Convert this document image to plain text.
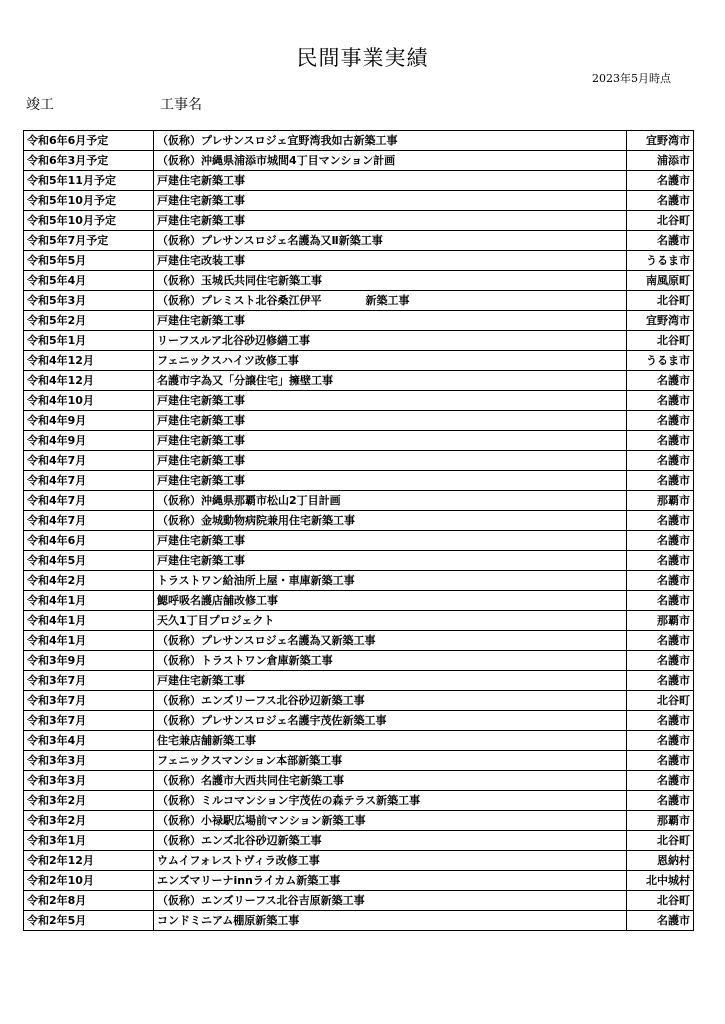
民間事業実績
2023年5月時点
竣工	工事名
令和6年6月予定	（仮称）プレサンスロジェ宜野湾我如古新築工事	宜野湾市
令和6年3月予定	（仮称）沖縄県浦添市城間4丁目マンション計画	浦添市
令和5年11月予定	戸建住宅新築工事	名護市
令和5年10月予定	戸建住宅新築工事	名護市
令和5年10月予定	戸建住宅新築工事	北谷町
令和5年7月予定	（仮称）プレサンスロジェ名護為又Ⅱ新築工事	名護市
令和5年5月	戸建住宅改装工事	うるま市
令和5年4月	（仮称）玉城氏共同住宅新築工事	南風原町
令和5年3月	（仮称）プレミスト北谷桑江伊平　　　　新築工事	北谷町
令和5年2月	戸建住宅新築工事	宜野湾市
令和5年1月	リーフスルア北谷砂辺修繕工事	北谷町
令和4年12月	フェニックスハイツ改修工事	うるま市
令和4年12月	名護市字為又「分譲住宅」擁壁工事	名護市
令和4年10月	戸建住宅新築工事	名護市
令和4年9月	戸建住宅新築工事	名護市
令和4年9月	戸建住宅新築工事	名護市
令和4年7月	戸建住宅新築工事	名護市
令和4年7月	戸建住宅新築工事	名護市
令和4年7月	（仮称）沖縄県那覇市松山2丁目計画	那覇市
令和4年7月	（仮称）金城動物病院兼用住宅新築工事	名護市
令和4年6月	戸建住宅新築工事	名護市
令和4年5月	戸建住宅新築工事	名護市
令和4年2月	トラストワン給油所上屋・車庫新築工事	名護市
令和4年1月	鰓呼吸名護店舗改修工事	名護市
令和4年1月	天久1丁目プロジェクト	那覇市
令和4年1月	（仮称）プレサンスロジェ名護為又新築工事	名護市
令和3年9月	（仮称）トラストワン倉庫新築工事	名護市
令和3年7月	戸建住宅新築工事	名護市
令和3年7月	（仮称）エンズリーフス北谷砂辺新築工事	北谷町
令和3年7月	（仮称）プレサンスロジェ名護宇茂佐新築工事	名護市
令和3年4月	住宅兼店舗新築工事	名護市
令和3年3月	フェニックスマンション本部新築工事	名護市
令和3年3月	（仮称）名護市大西共同住宅新築工事	名護市
令和3年2月	（仮称）ミルコマンション宇茂佐の森テラス新築工事	名護市
令和3年2月	（仮称）小禄駅広場前マンション新築工事	那覇市
令和3年1月	（仮称）エンズ北谷砂辺新築工事	北谷町
令和2年12月	ウムイフォレストヴィラ改修工事	恩納村
令和2年10月	エンズマリーナinnライカム新築工事	北中城村
令和2年8月	（仮称）エンズリーフス北谷吉原新築工事	北谷町
令和2年5月	コンドミニアム棚原新築工事	名護市
